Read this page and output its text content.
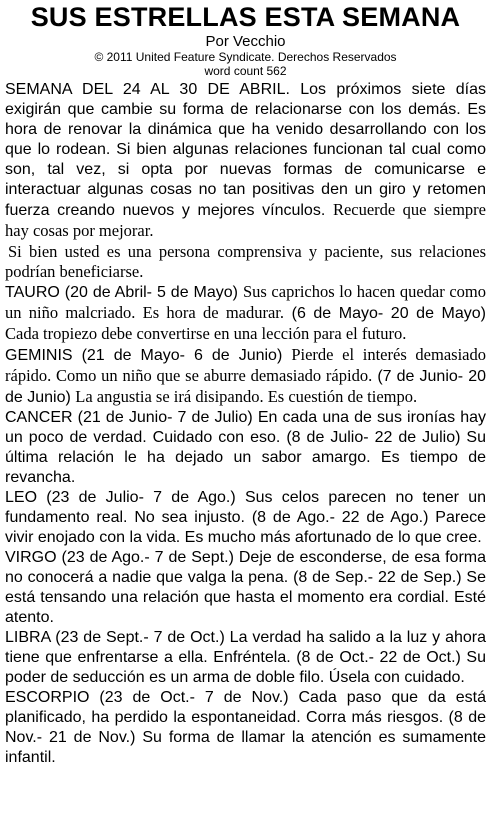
SUS ESTRELLAS ESTA SEMANA

Por Vecchio

© 2011 United Feature Syndicate. Derechos Reservados

word count 562

SEMANA DEL 24 AL 30 DE ABRIL. Los próximos siete días exigirán que cambie su forma de relacionarse con los demás. Es hora de renovar la dinámica que ha venido desarrollando con los que lo rodean. Si bien algunas relaciones funcionan tal cual como son, tal vez, si opta por nuevas formas de comunicarse e interactuar algunas cosas no tan positivas den un giro y retomen fuerza creando nuevos y mejores vínculos. Recuerde que siempre hay cosas por mejorar.

Si bien usted es una persona comprensiva y paciente, sus relaciones podrían beneficiarse.

TAURO (20 de Abril- 5 de Mayo) Sus caprichos lo hacen quedar como un niño malcriado. Es hora de madurar. (6 de Mayo- 20 de Mayo) Cada tropiezo debe convertirse en una lección para el futuro.

GEMINIS (21 de Mayo- 6 de Junio) Pierde el interés demasiado rápido. Como un niño que se aburre demasiado rápido. (7 de Junio- 20 de Junio) La angustia se irá disipando. Es cuestión de tiempo.

CANCER (21 de Junio- 7 de Julio) En cada una de sus ironías hay un poco de verdad. Cuidado con eso. (8 de Julio- 22 de Julio) Su última relación le ha dejado un sabor amargo. Es tiempo de revancha.

LEO (23 de Julio- 7 de Ago.) Sus celos parecen no tener un fundamento real. No sea injusto. (8 de Ago.- 22 de Ago.) Parece vivir enojado con la vida. Es mucho más afortunado de lo que cree.

VIRGO (23 de Ago.- 7 de Sept.) Deje de esconderse, de esa forma no conocerá a nadie que valga la pena. (8 de Sep.- 22 de Sep.) Se está tensando una relación que hasta el momento era cordial. Esté atento.

LIBRA (23 de Sept.- 7 de Oct.) La verdad ha salido a la luz y ahora tiene que enfrentarse a ella. Enfréntela. (8 de Oct.- 22 de Oct.) Su poder de seducción es un arma de doble filo. Úsela con cuidado.

ESCORPIO (23 de Oct.- 7 de Nov.) Cada paso que da está planificado, ha perdido la espontaneidad. Corra más riesgos. (8 de Nov.- 21 de Nov.) Su forma de llamar la atención es sumamente infantil.
